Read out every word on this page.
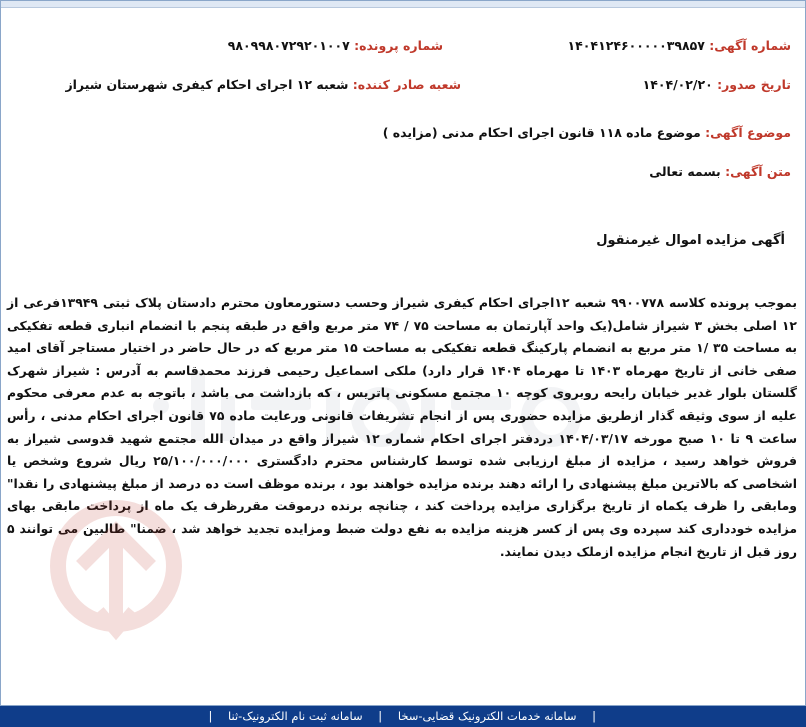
شماره آگهی: ۱۴۰۴۱۲۴۶۰۰۰۰۰۳۹۸۵۷
شماره پرونده: ۹۸۰۹۹۸۰۷۲۹۲۰۱۰۰۷
تاریخ صدور: ۱۴۰۴/۰۲/۲۰
شعبه صادر کننده: شعبه ۱۲ اجرای احکام کیفری شهرستان شیراز
موضوع آگهی: موضوع ماده ۱۱۸ قانون اجرای احکام مدنی (مزایده )
متن آگهی: بسمه تعالی
أگهی مزایده اموال غیرمنقول
بموجب پرونده کلاسه ۹۹۰۰۷۷۸ شعبه ۱۲اجرای احکام کیفری شیراز وحسب دستورمعاون محترم دادستان پلاک ثبتی ۱۳۹۴۹فرعی از ۱۲ اصلی بخش ۳ شیراز شامل(یک واحد آپارتمان به مساحت ۷۵ / ۷۴ متر مربع واقع در طبقه پنجم با انضمام انباری قطعه تفکیکی به مساحت ۳۵ /۱ متر مربع به انضمام پارکینگ قطعه تفکیکی به مساحت ۱۵ متر مربع که در حال حاضر در اختیار مستاجر آقای امید صفی خانی از تاریخ مهرماه ۱۴۰۳ تا مهرماه ۱۴۰۴ قرار دارد) ملکی اسماعیل رحیمی فرزند محمدقاسم به آدرس : شیراز شهرک گلستان بلوار غدیر خیابان رایحه روبروی کوچه ۱۰ مجتمع مسکونی پاتریس ، که بازداشت می باشد ، باتوجه به عدم معرفی محکوم علیه از سوی وثیقه گذار ازطریق مزایده حضوری پس از انجام تشریفات قانونی ورعایت ماده ۷۵ قانون اجرای احکام مدنی ، رأس ساعت ۹ تا ۱۰ صبح مورخه ۱۴۰۴/۰۳/۱۷ دردفتر اجرای احکام شماره ۱۲ شیراز واقع در میدان الله مجتمع شهید قدوسی شیراز به فروش خواهد رسید ، مزایده از مبلغ ارزیابی شده توسط کارشناس محترم دادگستری ۲۵/۱۰۰/۰۰۰/۰۰۰ ریال شروع وشخص یا اشخاصی که بالاترین مبلغ پیشنهادی را ارائه دهند برنده مزایده خواهند بود ، برنده موظف است ده درصد از مبلغ پیشنهادی را نقدا" ومابقی را ظرف یکماه از تاریخ برگزاری مزایده پرداخت کند ، چنانچه برنده درموقت مقررظرف یک ماه از پرداخت مابقی بهای مزایده خودداری کند سپرده وی پس از کسر هزینه مزایده به نفع دولت ضبط ومزایده تجدید خواهد شد ، ضمنا" طالبین می توانند ۵ روز قبل از تاریخ انجام مزایده ازملک دیدن نمایند.
| سامانه خدمات الکترونیک قضایی-سخا | سامانه ثبت نام الکترونیک-ثنا |
